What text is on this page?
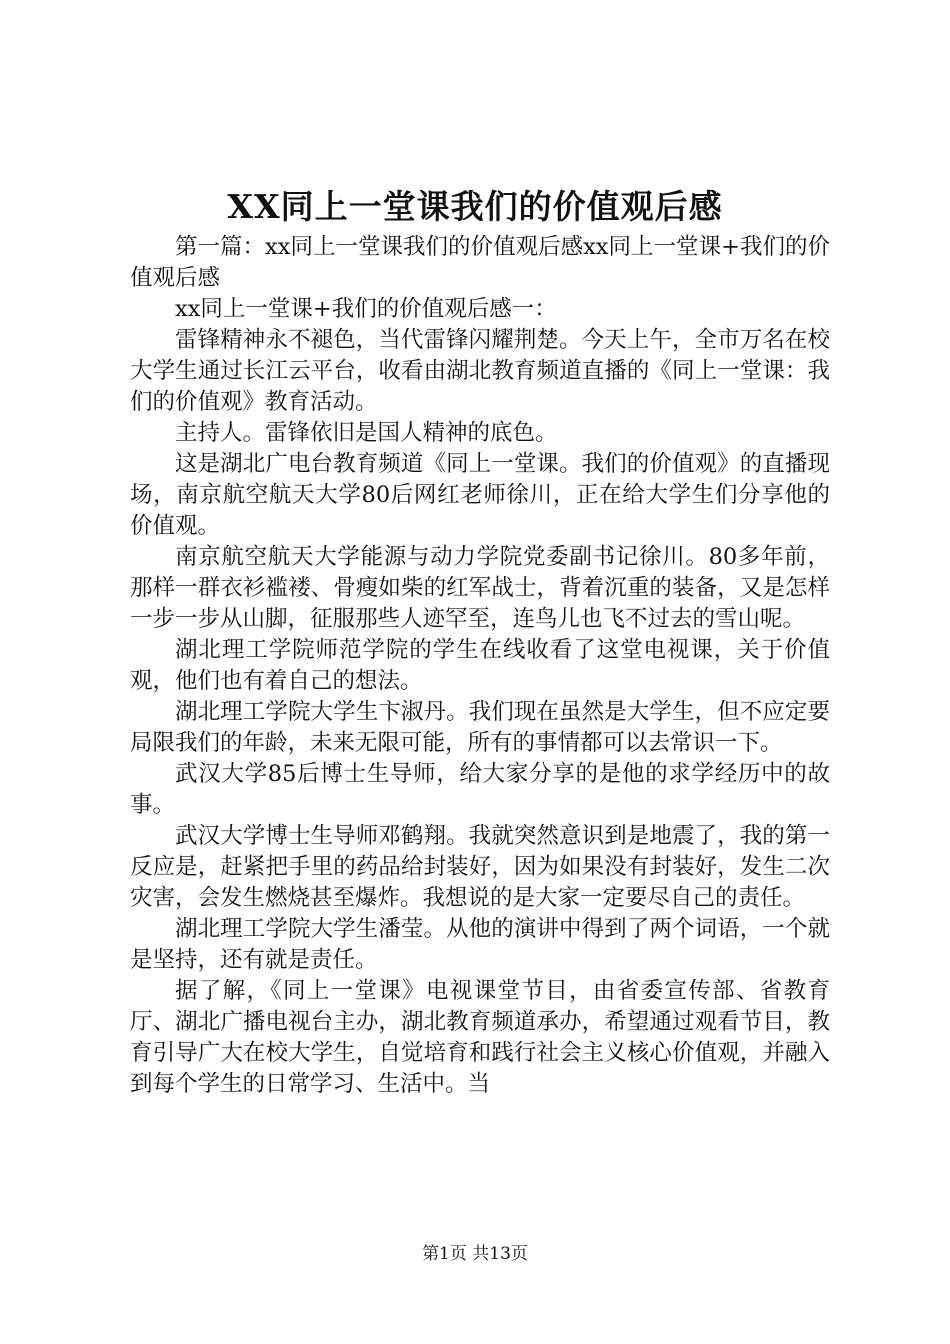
XX同上一堂课我们的价值观后感

第一篇：xx同上一堂课我们的价值观后感xx同上一堂课+我们的价值观后感

xx同上一堂课+我们的价值观后感一：

雷锋精神永不褪色，当代雷锋闪耀荆楚。今天上午，全市万名在校大学生通过长江云平台，收看由湖北教育频道直播的《同上一堂课：我们的价值观》教育活动。

主持人。雷锋依旧是国人精神的底色。

这是湖北广电台教育频道《同上一堂课。我们的价值观》的直播现场，南京航空航天大学80后网红老师徐川，正在给大学生们分享他的价值观。

南京航空航天大学能源与动力学院党委副书记徐川。80多年前，那样一群衣衫褴褛、骨瘦如柴的红军战士，背着沉重的装备，又是怎样一步一步从山脚，征服那些人迹罕至，连鸟儿也飞不过去的雪山呢。

湖北理工学院师范学院的学生在线收看了这堂电视课，关于价值观，他们也有着自己的想法。

湖北理工学院大学生卞淑丹。我们现在虽然是大学生，但不应定要局限我们的年龄，未来无限可能，所有的事情都可以去常识一下。

武汉大学85后博士生导师，给大家分享的是他的求学经历中的故事。

武汉大学博士生导师邓鹤翔。我就突然意识到是地震了，我的第一反应是，赶紧把手里的药品给封装好，因为如果没有封装好，发生二次灾害，会发生燃烧甚至爆炸。我想说的是大家一定要尽自己的责任。

湖北理工学院大学生潘莹。从他的演讲中得到了两个词语，一个就是坚持，还有就是责任。

据了解，《同上一堂课》电视课堂节目，由省委宣传部、省教育厅、湖北广播电视台主办，湖北教育频道承办，希望通过观看节目，教育引导广大在校大学生，自觉培育和践行社会主义核心价值观，并融入到每个学生的日常学习、生活中。当

第1页 共13页
